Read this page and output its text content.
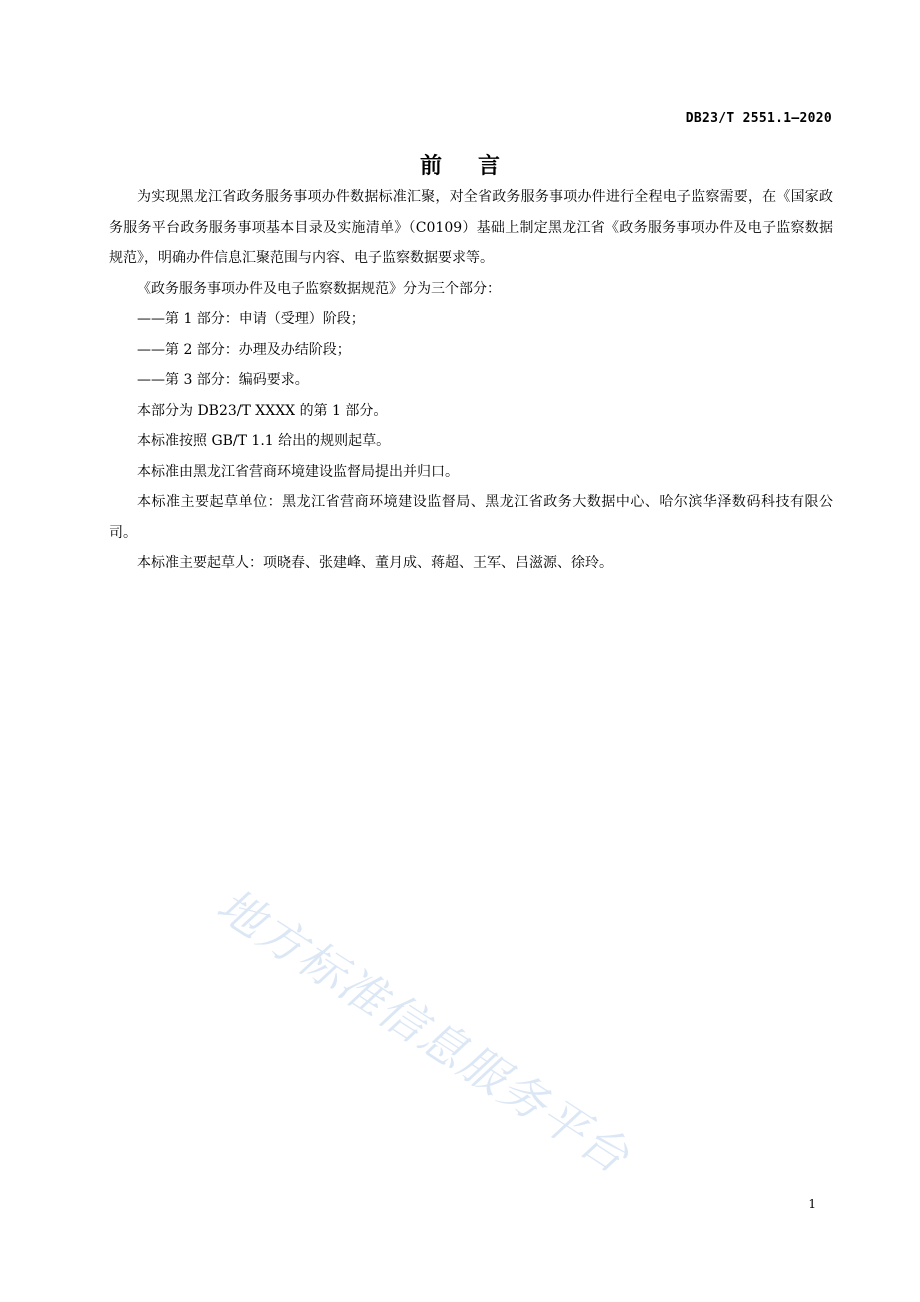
DB23/T 2551.1—2020
前言

为实现黑龙江省政务服务事项办件数据标准汇聚，对全省政务服务事项办件进行全程电子监察需要，在《国家政务服务平台政务服务事项基本目录及实施清单》（C0109）基础上制定黑龙江省《政务服务事项办件及电子监察数据规范》，明确办件信息汇聚范围与内容、电子监察数据要求等。

《政务服务事项办件及电子监察数据规范》分为三个部分：

——第 1 部分：申请（受理）阶段；

——第 2 部分：办理及办结阶段；

——第 3 部分：编码要求。

本部分为 DB23/T XXXX 的第 1 部分。

本标准按照 GB/T 1.1 给出的规则起草。

本标准由黑龙江省营商环境建设监督局提出并归口。

本标准主要起草单位：黑龙江省营商环境建设监督局、黑龙江省政务大数据中心、哈尔滨华泽数码科技有限公司。

本标准主要起草人：项晓春、张建峰、董月成、蒋超、王军、吕滋源、徐玲。

地方标准信息服务平台
1
